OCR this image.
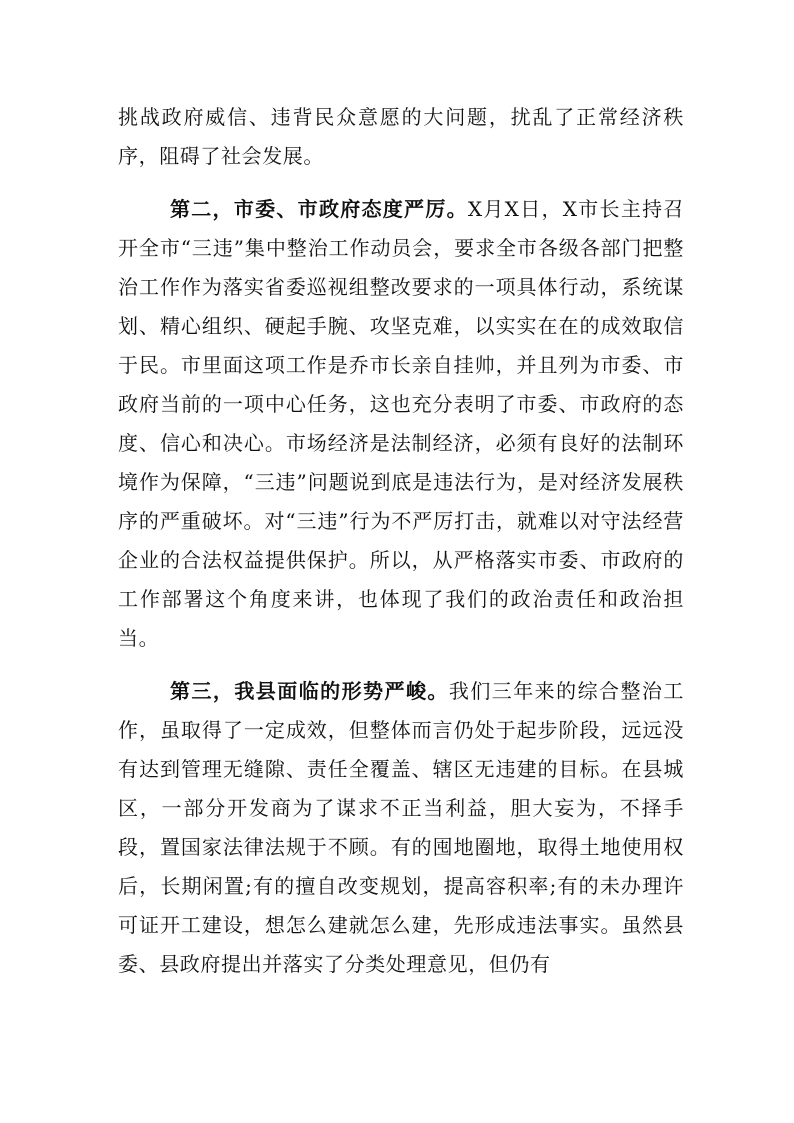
挑战政府威信、违背民众意愿的大问题，扰乱了正常经济秩序，阻碍了社会发展。

第二，市委、市政府态度严厉。X月X日，X市长主持召开全市“三违”集中整治工作动员会，要求全市各级各部门把整治工作作为落实省委巡视组整改要求的一项具体行动，系统谋划、精心组织、硬起手腕、攻坚克难，以实实在在的成效取信于民。市里面这项工作是乔市长亲自挂帅，并且列为市委、市政府当前的一项中心任务，这也充分表明了市委、市政府的态度、信心和决心。市场经济是法制经济，必须有良好的法制环境作为保障，“三违”问题说到底是违法行为，是对经济发展秩序的严重破坏。对“三违”行为不严厉打击，就难以对守法经营企业的合法权益提供保护。所以，从严格落实市委、市政府的工作部署这个角度来讲，也体现了我们的政治责任和政治担当。

第三，我县面临的形势严峻。我们三年来的综合整治工作，虽取得了一定成效，但整体而言仍处于起步阶段，远远没有达到管理无缝隙、责任全覆盖、辖区无违建的目标。在县城区，一部分开发商为了谋求不正当利益，胆大妄为，不择手段，置国家法律法规于不顾。有的囤地圈地，取得土地使用权后，长期闲置;有的擅自改变规划，提高容积率;有的未办理许可证开工建设，想怎么建就怎么建，先形成违法事实。虽然县委、县政府提出并落实了分类处理意见，但仍有
